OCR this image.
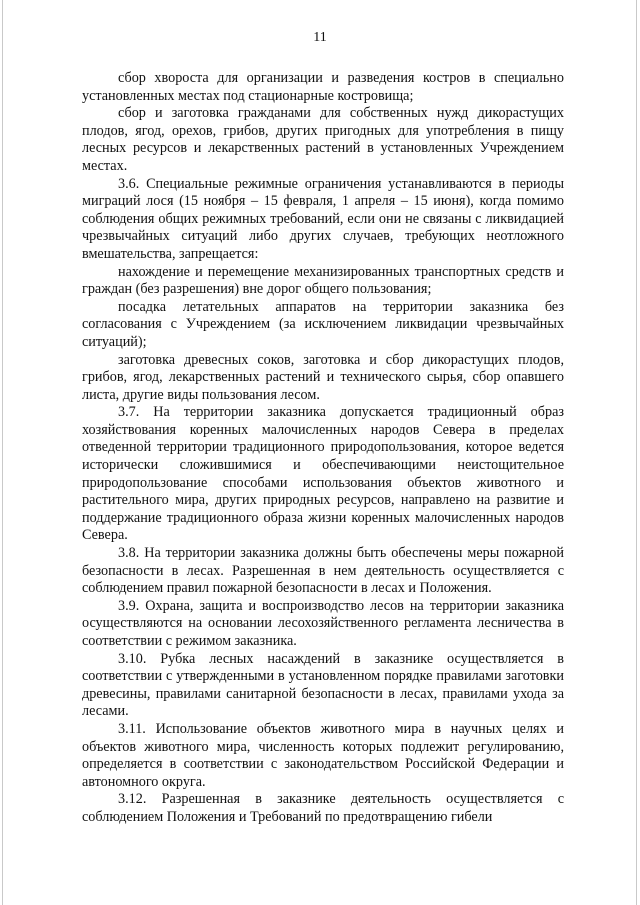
11

сбор хвороста для организации и разведения костров в специально установленных местах под стационарные костровища;

сбор и заготовка гражданами для собственных нужд дикорастущих плодов, ягод, орехов, грибов, других пригодных для употребления в пищу лесных ресурсов и лекарственных растений в установленных Учреждением местах.

3.6. Специальные режимные ограничения устанавливаются в периоды миграций лося (15 ноября – 15 февраля, 1 апреля – 15 июня), когда помимо соблюдения общих режимных требований, если они не связаны с ликвидацией чрезвычайных ситуаций либо других случаев, требующих неотложного вмешательства, запрещается:

нахождение и перемещение механизированных транспортных средств и граждан (без разрешения) вне дорог общего пользования;

посадка летательных аппаратов на территории заказника без согласования с Учреждением (за исключением ликвидации чрезвычайных ситуаций);

заготовка древесных соков, заготовка и сбор дикорастущих плодов, грибов, ягод, лекарственных растений и технического сырья, сбор опавшего листа, другие виды пользования лесом.

3.7. На территории заказника допускается традиционный образ хозяйствования коренных малочисленных народов Севера в пределах отведенной территории традиционного природопользования, которое ведется исторически сложившимися и обеспечивающими неистощительное природопользование способами использования объектов животного и растительного мира, других природных ресурсов, направлено на развитие и поддержание традиционного образа жизни коренных малочисленных народов Севера.

3.8. На территории заказника должны быть обеспечены меры пожарной безопасности в лесах. Разрешенная в нем деятельность осуществляется с соблюдением правил пожарной безопасности в лесах и Положения.

3.9. Охрана, защита и воспроизводство лесов на территории заказника осуществляются на основании лесохозяйственного регламента лесничества в соответствии с режимом заказника.

3.10. Рубка лесных насаждений в заказнике осуществляется в соответствии с утвержденными в установленном порядке правилами заготовки древесины, правилами санитарной безопасности в лесах, правилами ухода за лесами.

3.11. Использование объектов животного мира в научных целях и объектов животного мира, численность которых подлежит регулированию, определяется в соответствии с законодательством Российской Федерации и автономного округа.

3.12. Разрешенная в заказнике деятельность осуществляется с соблюдением Положения и Требований по предотвращению гибели
